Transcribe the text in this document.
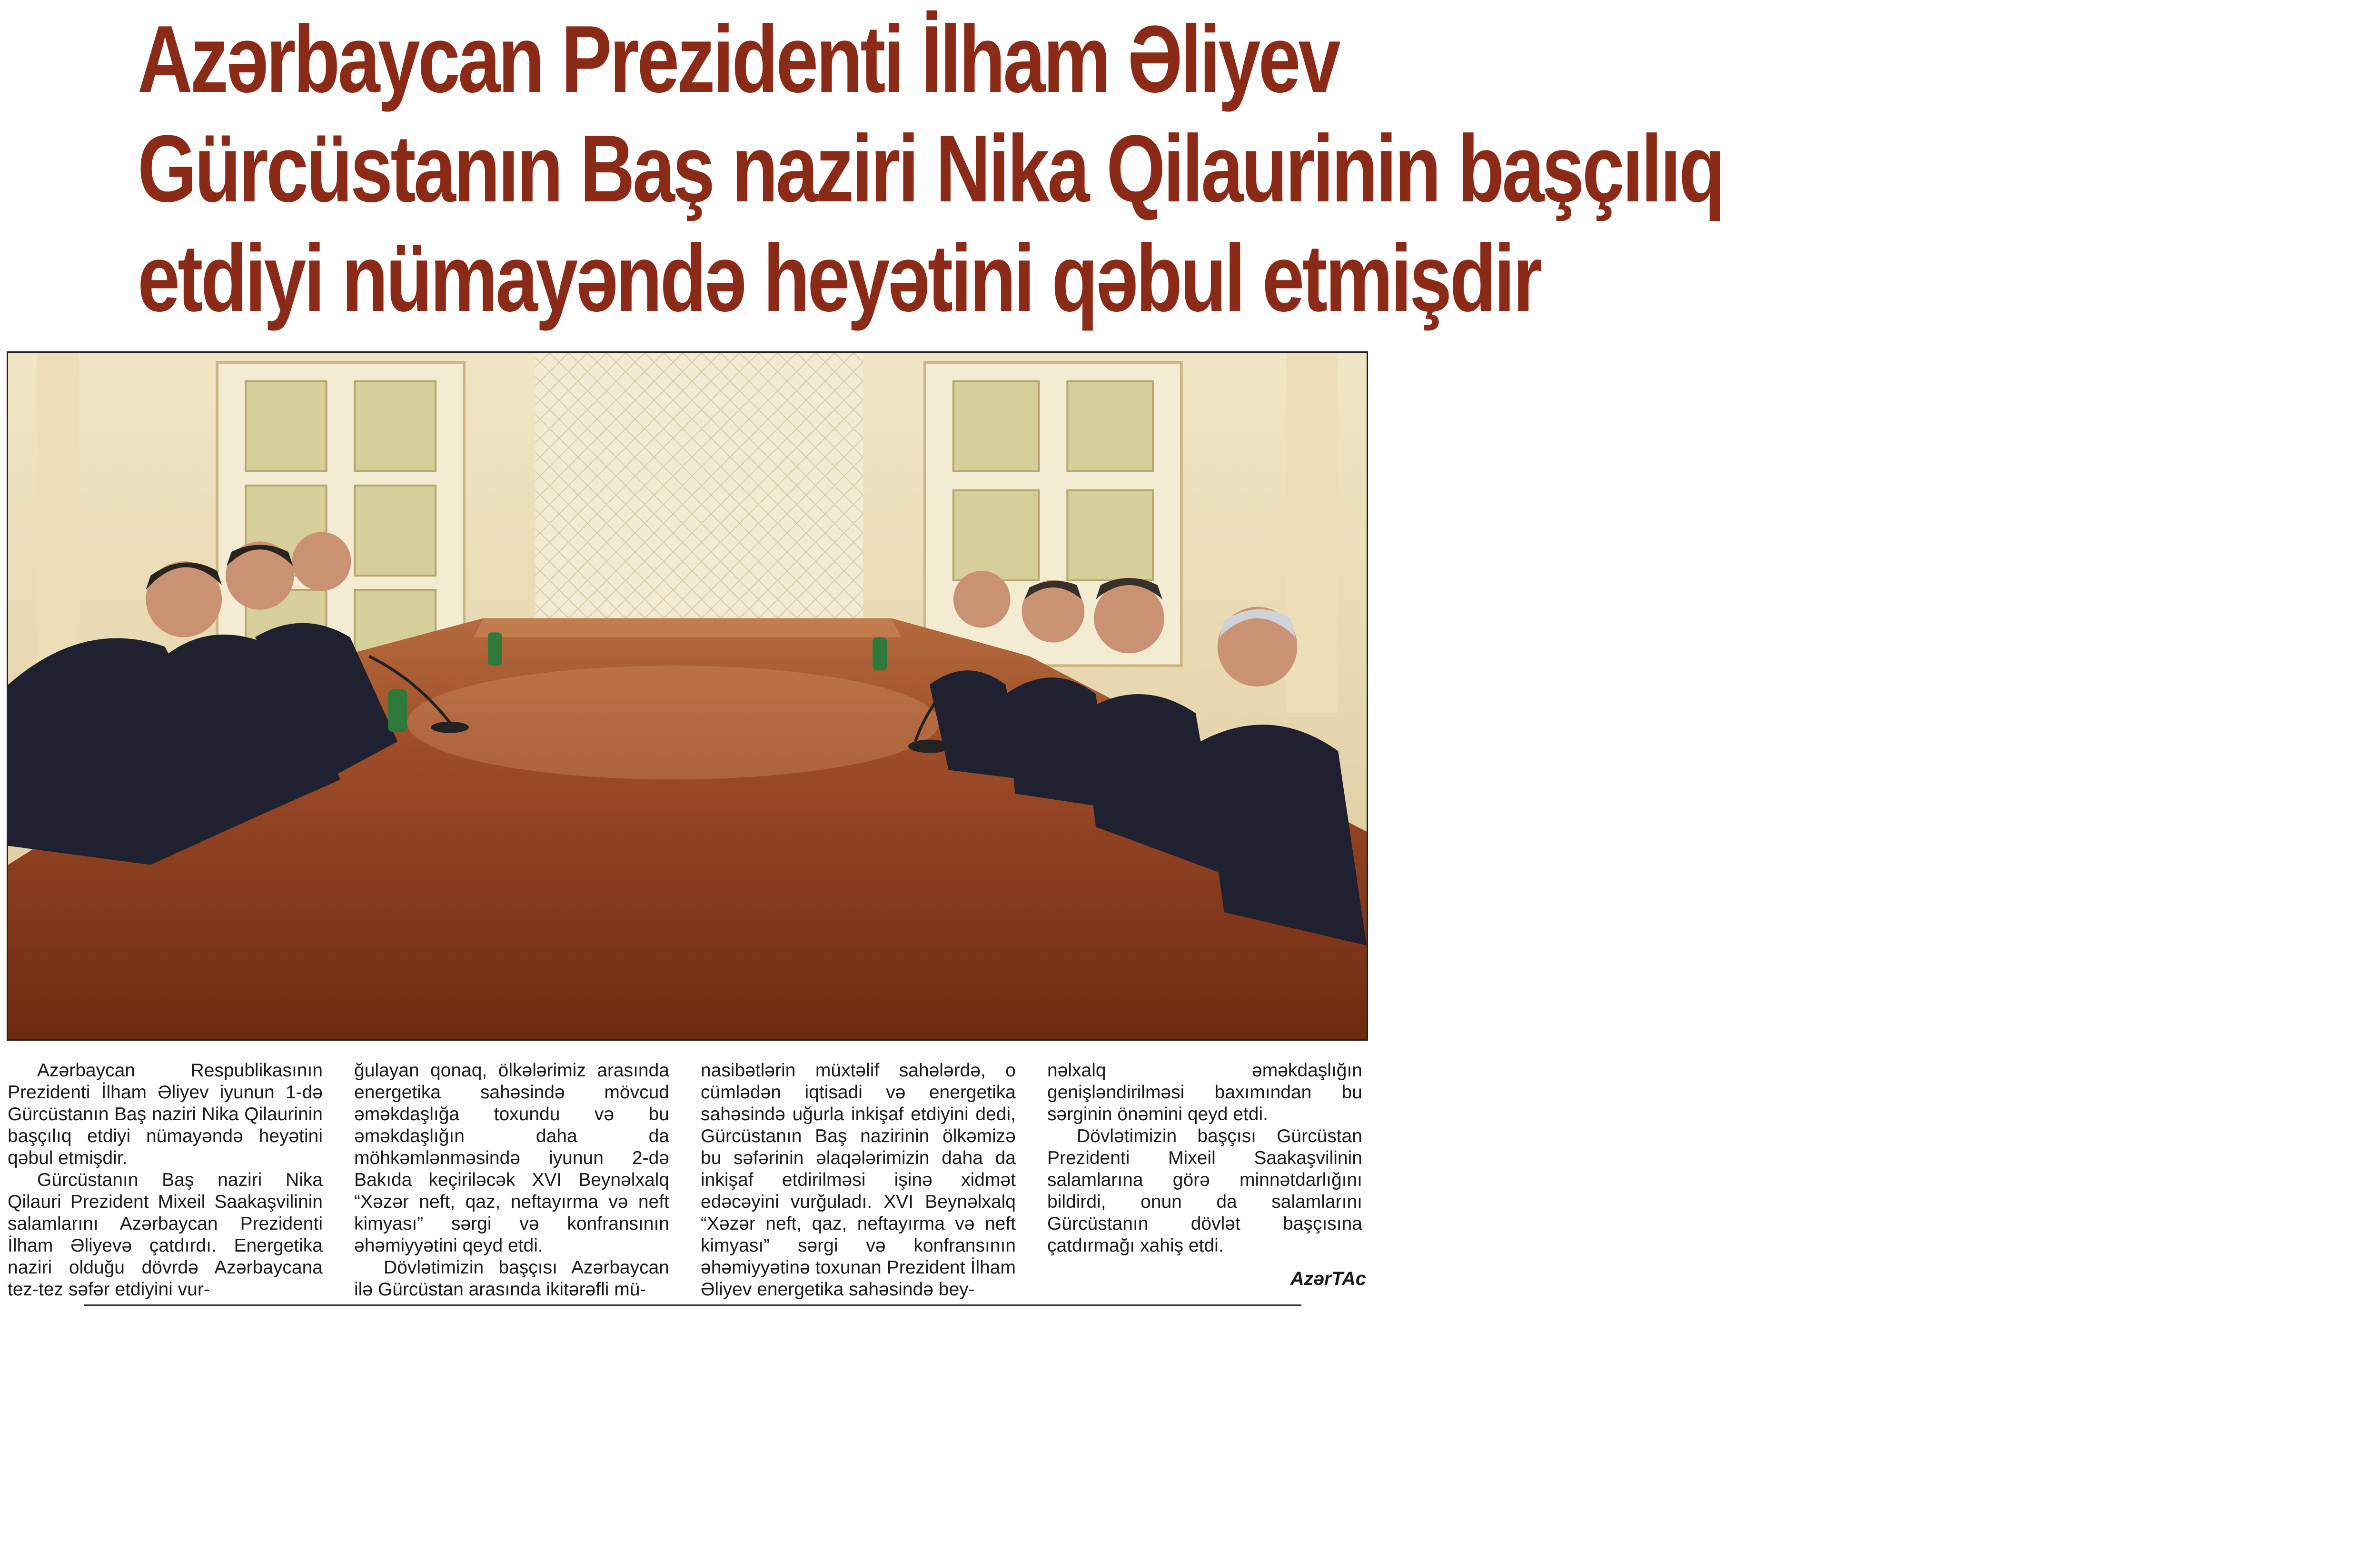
Azərbaycan Prezidenti İlham Əliyev
Gürcüstanın Baş naziri Nika Qilaurinin başçılıq
etdiyi nümayəndə heyətini qəbul etmişdir

Azərbaycan Respublikasının Prezidenti İlham Əliyev iyunun 1-də Gürcüstanın Baş naziri Nika Qilaurinin başçılıq etdiyi nümayəndə heyətini qəbul etmişdir.

Gürcüstanın Baş naziri Nika Qilauri Prezident Mixeil Saakaşvilinin salamlarını Azərbaycan Prezidenti İlham Əliyevə çatdırdı. Energetika naziri olduğu dövrdə Azərbaycana tez-tez səfər etdiyini vur-

ğulayan qonaq, ölkələrimiz arasında energetika sahəsində mövcud əməkdaşlığa toxundu və bu əməkdaşlığın daha da möhkəmlənməsində iyunun 2-də Bakıda keçiriləcək XVI Beynəlxalq “Xəzər neft, qaz, neftayırma və neft kimyası” sərgi və konfransının əhəmiyyətini qeyd etdi.

Dövlətimizin başçısı Azərbaycan ilə Gürcüstan arasında ikitərəfli mü-

nasibətlərin müxtəlif sahələrdə, o cümlədən iqtisadi və energetika sahəsində uğurla inkişaf etdiyini dedi, Gürcüstanın Baş nazirinin ölkəmizə bu səfərinin əlaqələrimizin daha da inkişaf etdirilməsi işinə xidmət edəcəyini vurğuladı. XVI Beynəlxalq “Xəzər neft, qaz, neftayırma və neft kimyası” sərgi və konfransının əhəmiyyətinə toxunan Prezident İlham Əliyev energetika sahəsində bey-

nəlxalq əməkdaşlığın genişləndirilməsi baxımından bu sərginin önəmini qeyd etdi.

Dövlətimizin başçısı Gürcüstan Prezidenti Mixeil Saakaşvilinin salamlarına görə minnətdarlığını bildirdi, onun da salamlarını Gürcüstanın dövlət başçısına çatdırmağı xahiş etdi.

AzərTAc
